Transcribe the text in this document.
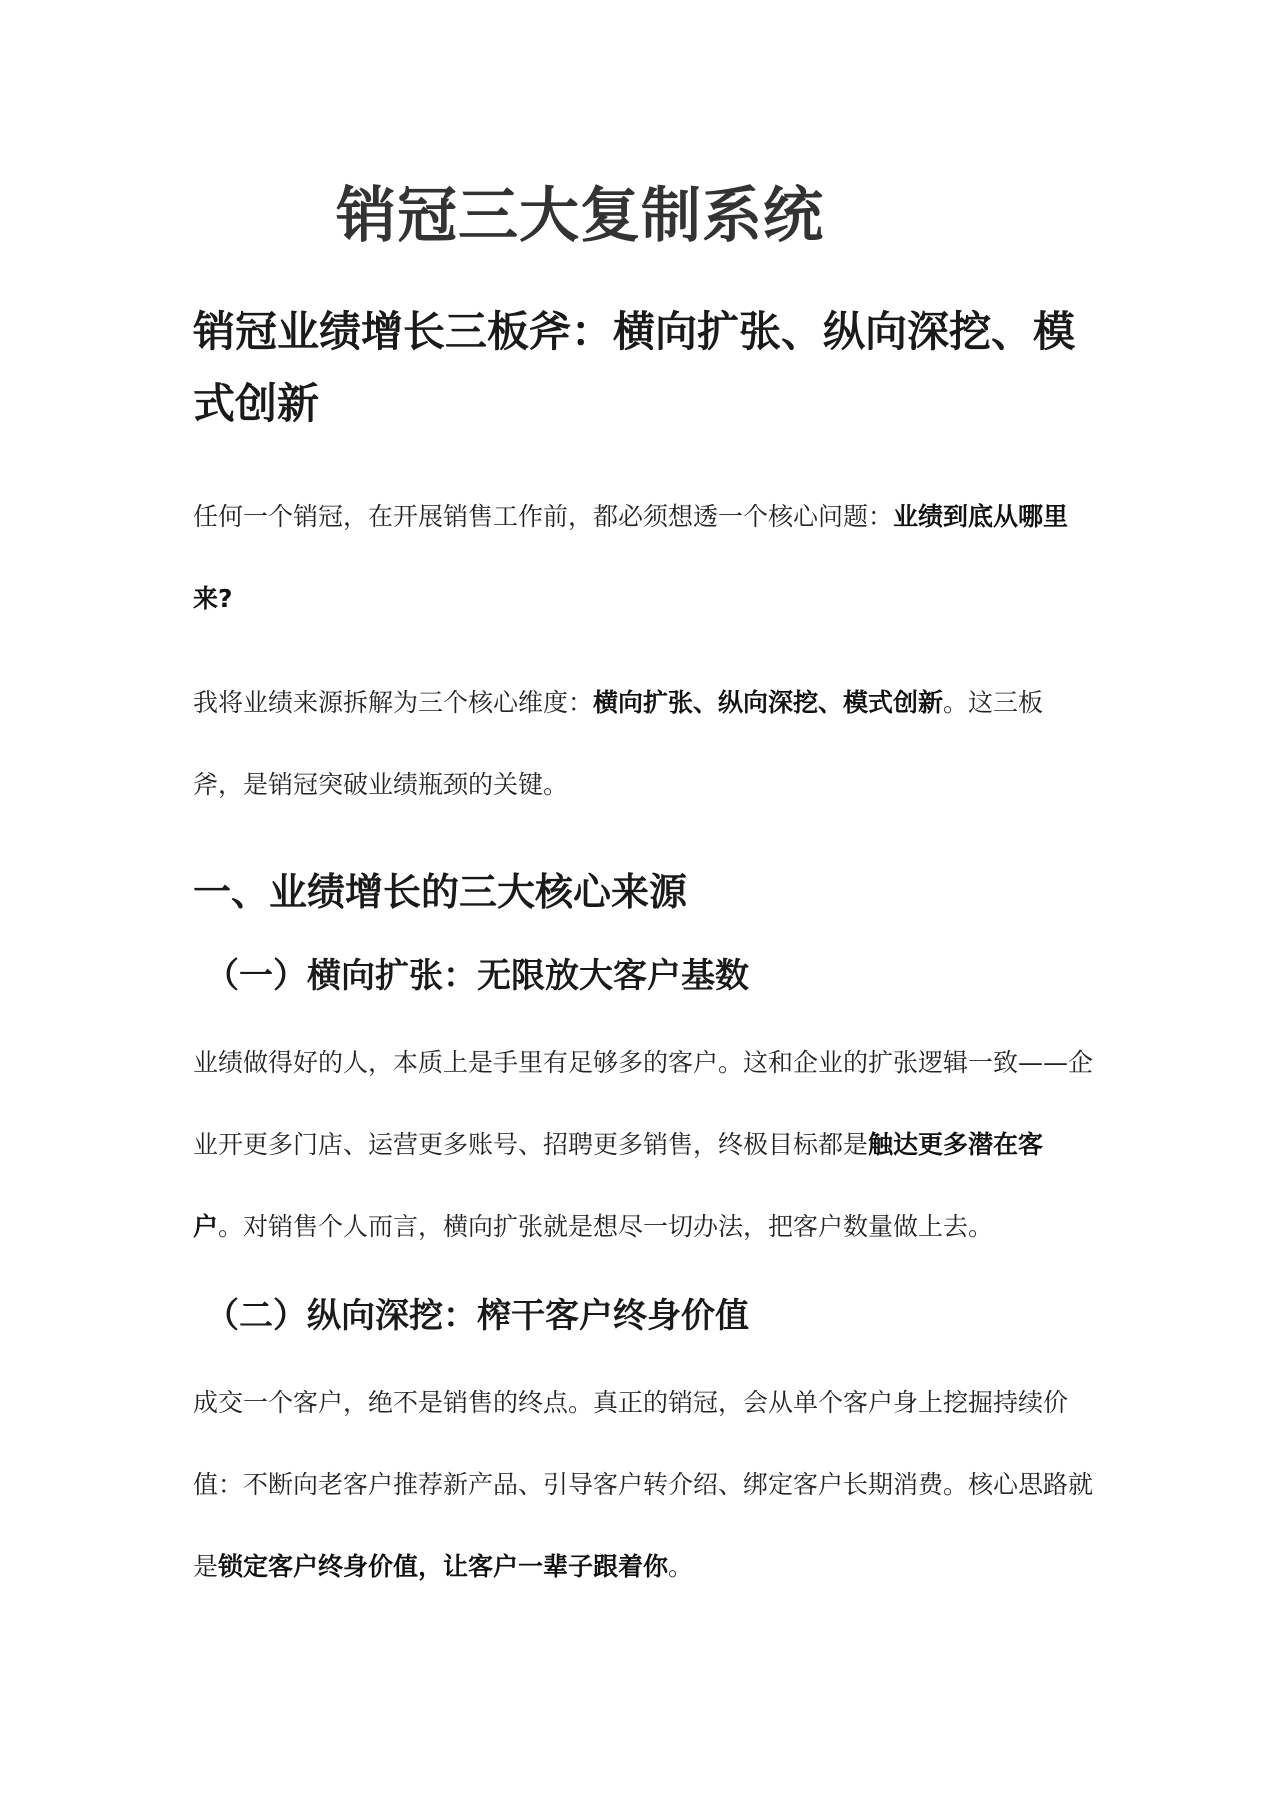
销冠三大复制系统
销冠业绩增长三板斧：横向扩张、纵向深挖、模式创新

任何一个销冠，在开展销售工作前，都必须想透一个核心问题：业绩到底从哪里来?

我将业绩来源拆解为三个核心维度：横向扩张、纵向深挖、模式创新。这三板斧，是销冠突破业绩瓶颈的关键。

一、业绩增长的三大核心来源
（一）横向扩张：无限放大客户基数

业绩做得好的人，本质上是手里有足够多的客户。这和企业的扩张逻辑一致——企业开更多门店、运营更多账号、招聘更多销售，终极目标都是触达更多潜在客户。对销售个人而言，横向扩张就是想尽一切办法，把客户数量做上去。

（二）纵向深挖：榨干客户终身价值

成交一个客户，绝不是销售的终点。真正的销冠，会从单个客户身上挖掘持续价值：不断向老客户推荐新产品、引导客户转介绍、绑定客户长期消费。核心思路就是锁定客户终身价值，让客户一辈子跟着你。
